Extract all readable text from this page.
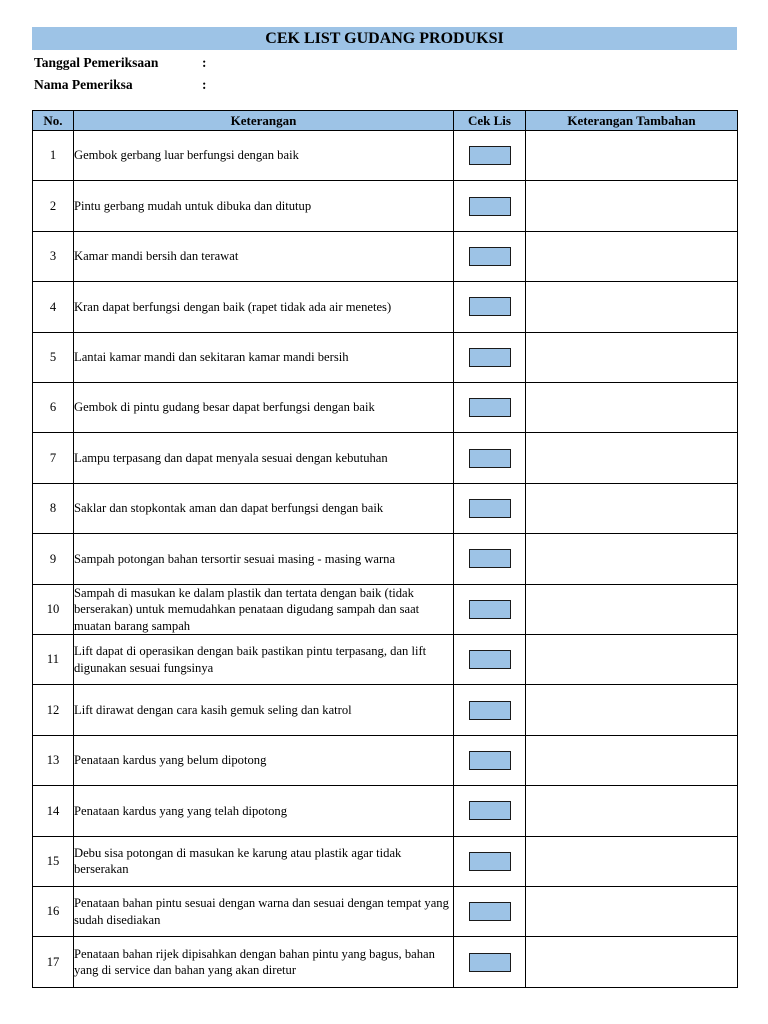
CEK LIST GUDANG PRODUKSI
Tanggal Pemeriksaan	:
Nama Pemeriksa	:
No.	Keterangan	Cek Lis	Keterangan Tambahan
1	Gembok gerbang luar berfungsi dengan baik		
2	Pintu gerbang mudah untuk dibuka dan ditutup		
3	Kamar mandi bersih dan terawat		
4	Kran dapat berfungsi dengan baik (rapet tidak ada air menetes)		
5	Lantai kamar mandi dan sekitaran kamar mandi bersih		
6	Gembok di pintu gudang besar dapat berfungsi dengan baik		
7	Lampu terpasang dan dapat menyala sesuai dengan kebutuhan		
8	Saklar dan stopkontak aman dan dapat berfungsi dengan baik		
9	Sampah potongan bahan tersortir sesuai masing - masing warna		
10	Sampah di masukan ke dalam plastik dan tertata dengan baik (tidak berserakan) untuk memudahkan penataan digudang sampah dan saat muatan barang sampah		
11	Lift dapat di operasikan dengan baik pastikan pintu terpasang, dan lift digunakan sesuai fungsinya		
12	Lift dirawat dengan cara kasih gemuk seling dan katrol		
13	Penataan kardus yang belum dipotong		
14	Penataan kardus yang yang telah dipotong		
15	Debu sisa potongan di masukan ke karung atau plastik agar tidak berserakan		
16	Penataan bahan pintu sesuai dengan warna dan sesuai dengan tempat yang sudah disediakan		
17	Penataan bahan rijek dipisahkan dengan bahan pintu yang bagus, bahan yang di service dan bahan yang akan diretur		
